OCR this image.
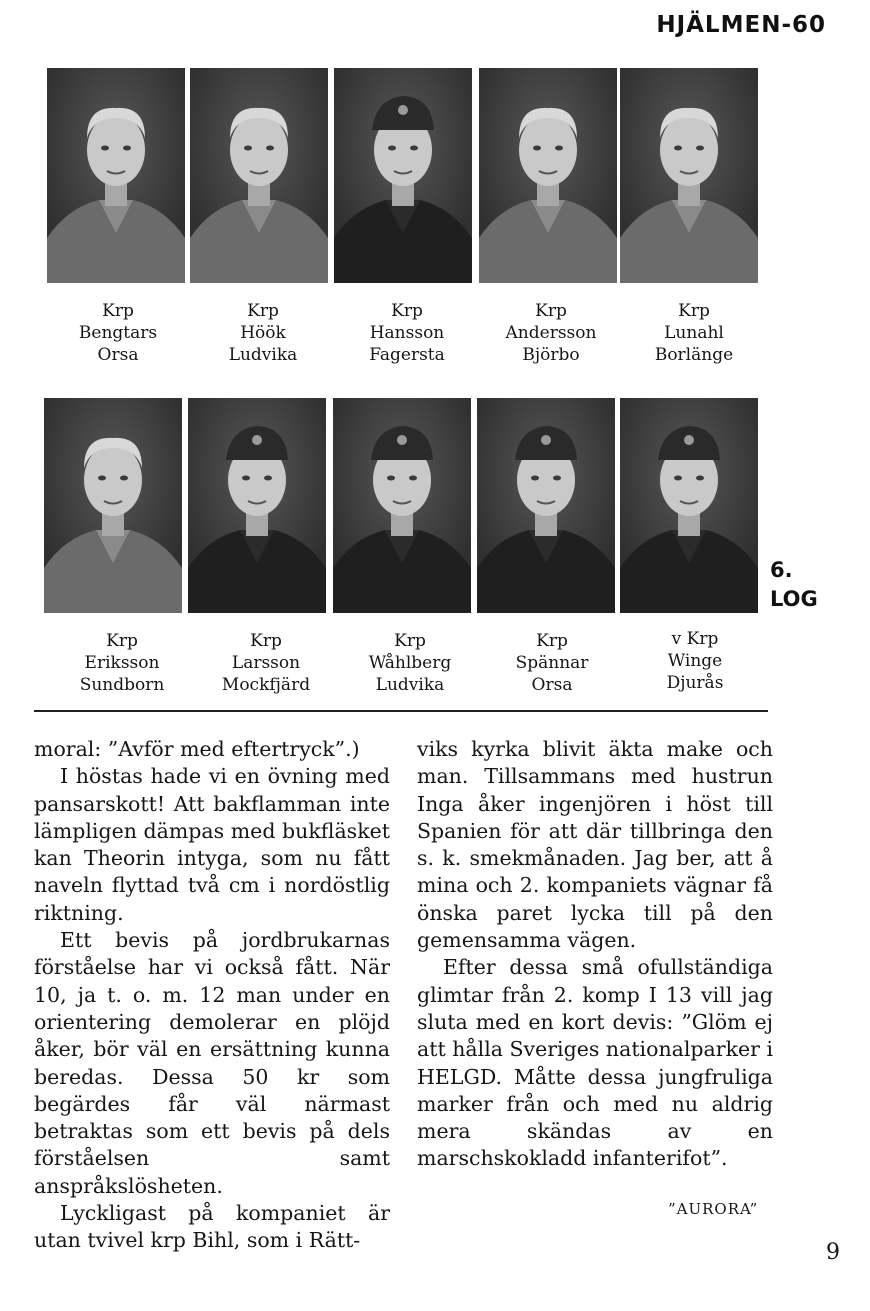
HJÄLMEN-60
Krp
Bengtars
Orsa
Krp
Höök
Ludvika
Krp
Hansson
Fagersta
Krp
Andersson
Björbo
Krp
Lunahl
Borlänge
Krp
Eriksson
Sundborn
Krp
Larsson
Mockfjärd
Krp
Wåhlberg
Ludvika
Krp
Spännar
Orsa
v Krp
Winge
Djurås
6.
LOG

moral: ”Avför med eftertryck”.)

I höstas hade vi en övning med pansarskott! Att bakflamman inte lämpligen dämpas med bukfläsket kan Theorin intyga, som nu fått naveln flyttad två cm i nordöstlig riktning.

Ett bevis på jordbrukarnas förståelse har vi också fått. När 10, ja t. o. m. 12 man under en orientering demolerar en plöjd åker, bör väl en ersättning kunna beredas. Dessa 50 kr som begärdes får väl närmast betraktas som ett bevis på dels förståelsen samt anspråkslösheten.

Lyckligast på kompaniet är utan tvivel krp Bihl, som i Rätt-

viks kyrka blivit äkta make och man. Tillsammans med hustrun Inga åker ingenjören i höst till Spanien för att där tillbringa den s. k. smekmånaden. Jag ber, att å mina och 2. kompaniets vägnar få önska paret lycka till på den gemensamma vägen.

Efter dessa små ofullständiga glimtar från 2. komp I 13 vill jag sluta med en kort devis: ”Glöm ej att hålla Sveriges nationalparker i HELGD. Måtte dessa jungfruliga marker från och med nu aldrig mera skändas av en marschskokladd infanterifot”.

”AURORA”
9
